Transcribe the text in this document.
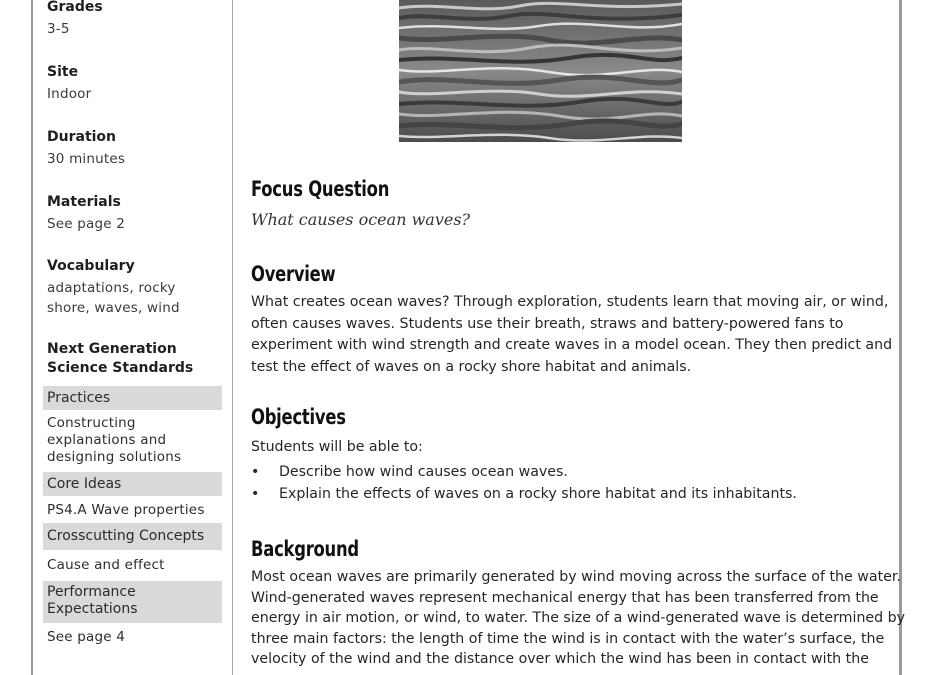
Grades
3-5
Site
Indoor
Duration
30 minutes
Materials
See page 2
Vocabulary
adaptations, rocky
shore, waves, wind
Next Generation
Science Standards
Practices
Constructing
explanations and
designing solutions
Core Ideas
PS4.A Wave properties
Crosscutting Concepts
Cause and effect
Performance
Expectations
See page 4
Focus Question
What causes ocean waves?
Overview
What creates ocean waves? Through exploration, students learn that moving air, or wind,
often causes waves. Students use their breath, straws and battery-powered fans to
experiment with wind strength and create waves in a model ocean. They then predict and
test the effect of waves on a rocky shore habitat and animals.
Objectives
Students will be able to:
• Describe how wind causes ocean waves.
• Explain the effects of waves on a rocky shore habitat and its inhabitants.
Background
Most ocean waves are primarily generated by wind moving across the surface of the water.
Wind-generated waves represent mechanical energy that has been transferred from the
energy in air motion, or wind, to water. The size of a wind-generated wave is determined by
three main factors: the length of time the wind is in contact with the water’s surface, the
velocity of the wind and the distance over which the wind has been in contact with the
